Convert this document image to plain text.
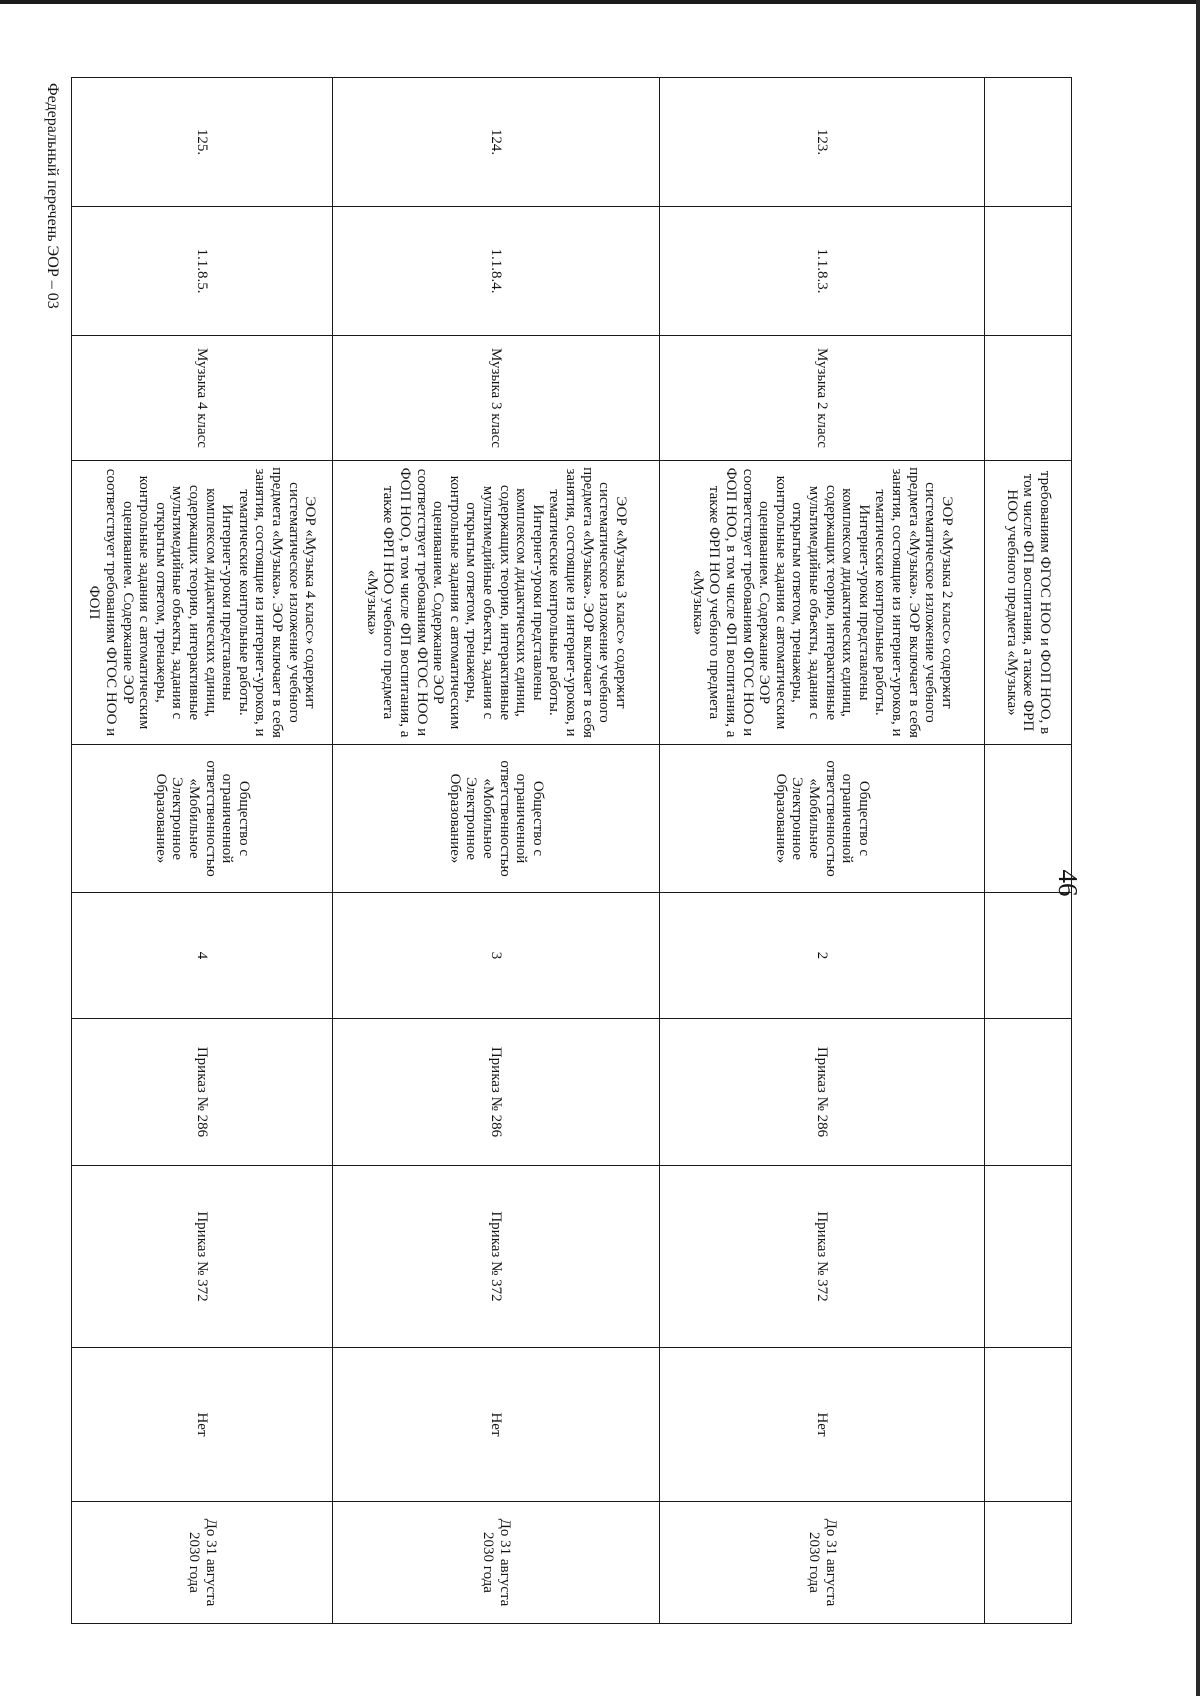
46
Федеральный перечень ЭОР – 03
			требованиям ФГОС НОО и ФОП НОО, в том числе ФП воспитания, а также ФРП НОО учебного предмета «Музыка»						
123.	1.1.8.3.	Музыка 2 класс	ЭОР «Музыка 2 класс» содержит систематическое изложение учебного предмета «Музыка». ЭОР включает в себя занятия, состоящие из интернет-уроков, и тематические контрольные работы. Интернет-уроки представлены комплексом дидактических единиц, содержащих теорию, интерактивные мультимедийные объекты, задания с открытым ответом, тренажеры, контрольные задания с автоматическим оцениванием. Содержание ЭОР соответствует требованиям ФГОС НОО и ФОП НОО, в том числе ФП воспитания, а также ФРП НОО учебного предмета «Музыка»	Общество с ограниченной ответственностью «Мобильное Электронное Образование»	2	Приказ № 286	Приказ № 372	Нет	До 31 августа 2030 года
124.	1.1.8.4.	Музыка 3 класс	ЭОР «Музыка 3 класс» содержит систематическое изложение учебного предмета «Музыка». ЭОР включает в себя занятия, состоящие из интернет-уроков, и тематические контрольные работы. Интернет-уроки представлены комплексом дидактических единиц, содержащих теорию, интерактивные мультимедийные объекты, задания с открытым ответом, тренажеры, контрольные задания с автоматическим оцениванием. Содержание ЭОР соответствует требованиям ФГОС НОО и ФОП НОО, в том числе ФП воспитания, а также ФРП НОО учебного предмета «Музыка»	Общество с ограниченной ответственностью «Мобильное Электронное Образование»	3	Приказ № 286	Приказ № 372	Нет	До 31 августа 2030 года
125.	1.1.8.5.	Музыка 4 класс	ЭОР «Музыка 4 класс» содержит систематическое изложение учебного предмета «Музыка». ЭОР включает в себя занятия, состоящие из интернет-уроков, и тематические контрольные работы. Интернет-уроки представлены комплексом дидактических единиц, содержащих теорию, интерактивные мультимедийные объекты, задания с открытым ответом, тренажеры, контрольные задания с автоматическим оцениванием. Содержание ЭОР соответствует требованиям ФГОС НОО и ФОП	Общество с ограниченной ответственностью «Мобильное Электронное Образование»	4	Приказ № 286	Приказ № 372	Нет	До 31 августа 2030 года
